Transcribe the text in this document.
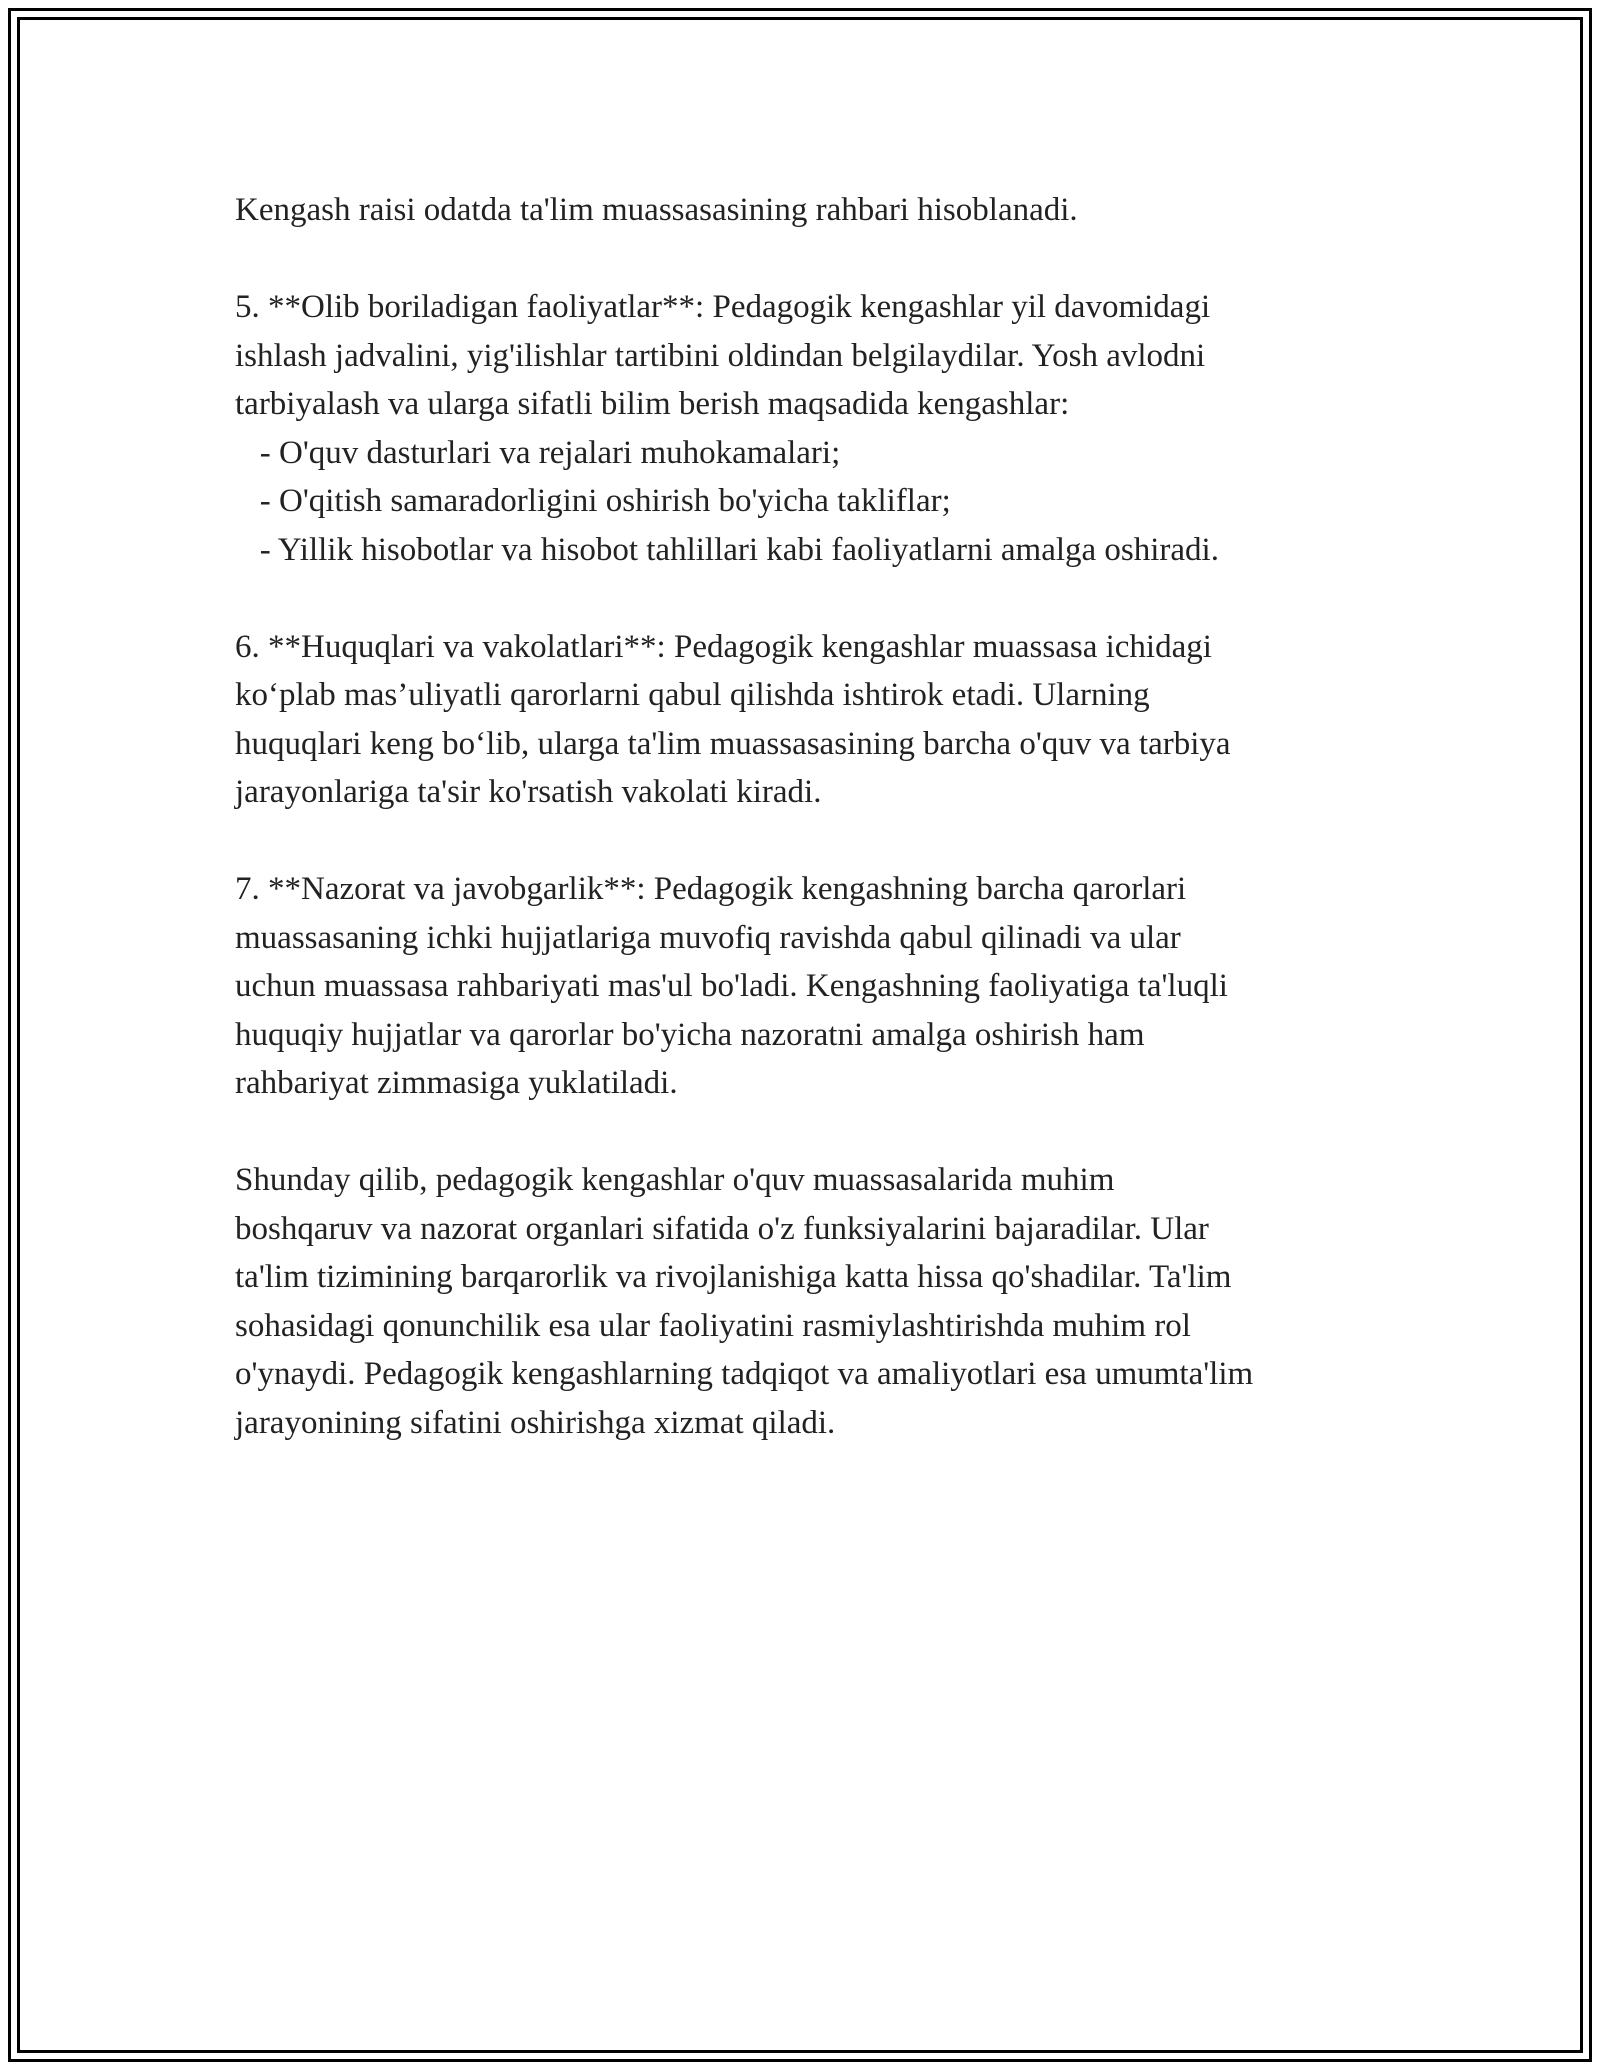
Kengash raisi odatda ta'lim muassasasining rahbari hisoblanadi.
5. **Olib boriladigan faoliyatlar**: Pedagogik kengashlar yil davomidagi
ishlash jadvalini, yig'ilishlar tartibini oldindan belgilaydilar. Yosh avlodni
tarbiyalash va ularga sifatli bilim berish maqsadida kengashlar:
- O'quv dasturlari va rejalari muhokamalari;
- O'qitish samaradorligini oshirish bo'yicha takliflar;
- Yillik hisobotlar va hisobot tahlillari kabi faoliyatlarni amalga oshiradi.
6. **Huquqlari va vakolatlari**: Pedagogik kengashlar muassasa ichidagi
ko‘plab mas’uliyatli qarorlarni qabul qilishda ishtirok etadi. Ularning
huquqlari keng bo‘lib, ularga ta'lim muassasasining barcha o'quv va tarbiya
jarayonlariga ta'sir ko'rsatish vakolati kiradi.
7. **Nazorat va javobgarlik**: Pedagogik kengashning barcha qarorlari
muassasaning ichki hujjatlariga muvofiq ravishda qabul qilinadi va ular
uchun muassasa rahbariyati mas'ul bo'ladi. Kengashning faoliyatiga ta'luqli
huquqiy hujjatlar va qarorlar bo'yicha nazoratni amalga oshirish ham
rahbariyat zimmasiga yuklatiladi.
Shunday qilib, pedagogik kengashlar o'quv muassasalarida muhim
boshqaruv va nazorat organlari sifatida o'z funksiyalarini bajaradilar. Ular
ta'lim tizimining barqarorlik va rivojlanishiga katta hissa qo'shadilar. Ta'lim
sohasidagi qonunchilik esa ular faoliyatini rasmiylashtirishda muhim rol
o'ynaydi. Pedagogik kengashlarning tadqiqot va amaliyotlari esa umumta'lim
jarayonining sifatini oshirishga xizmat qiladi.
